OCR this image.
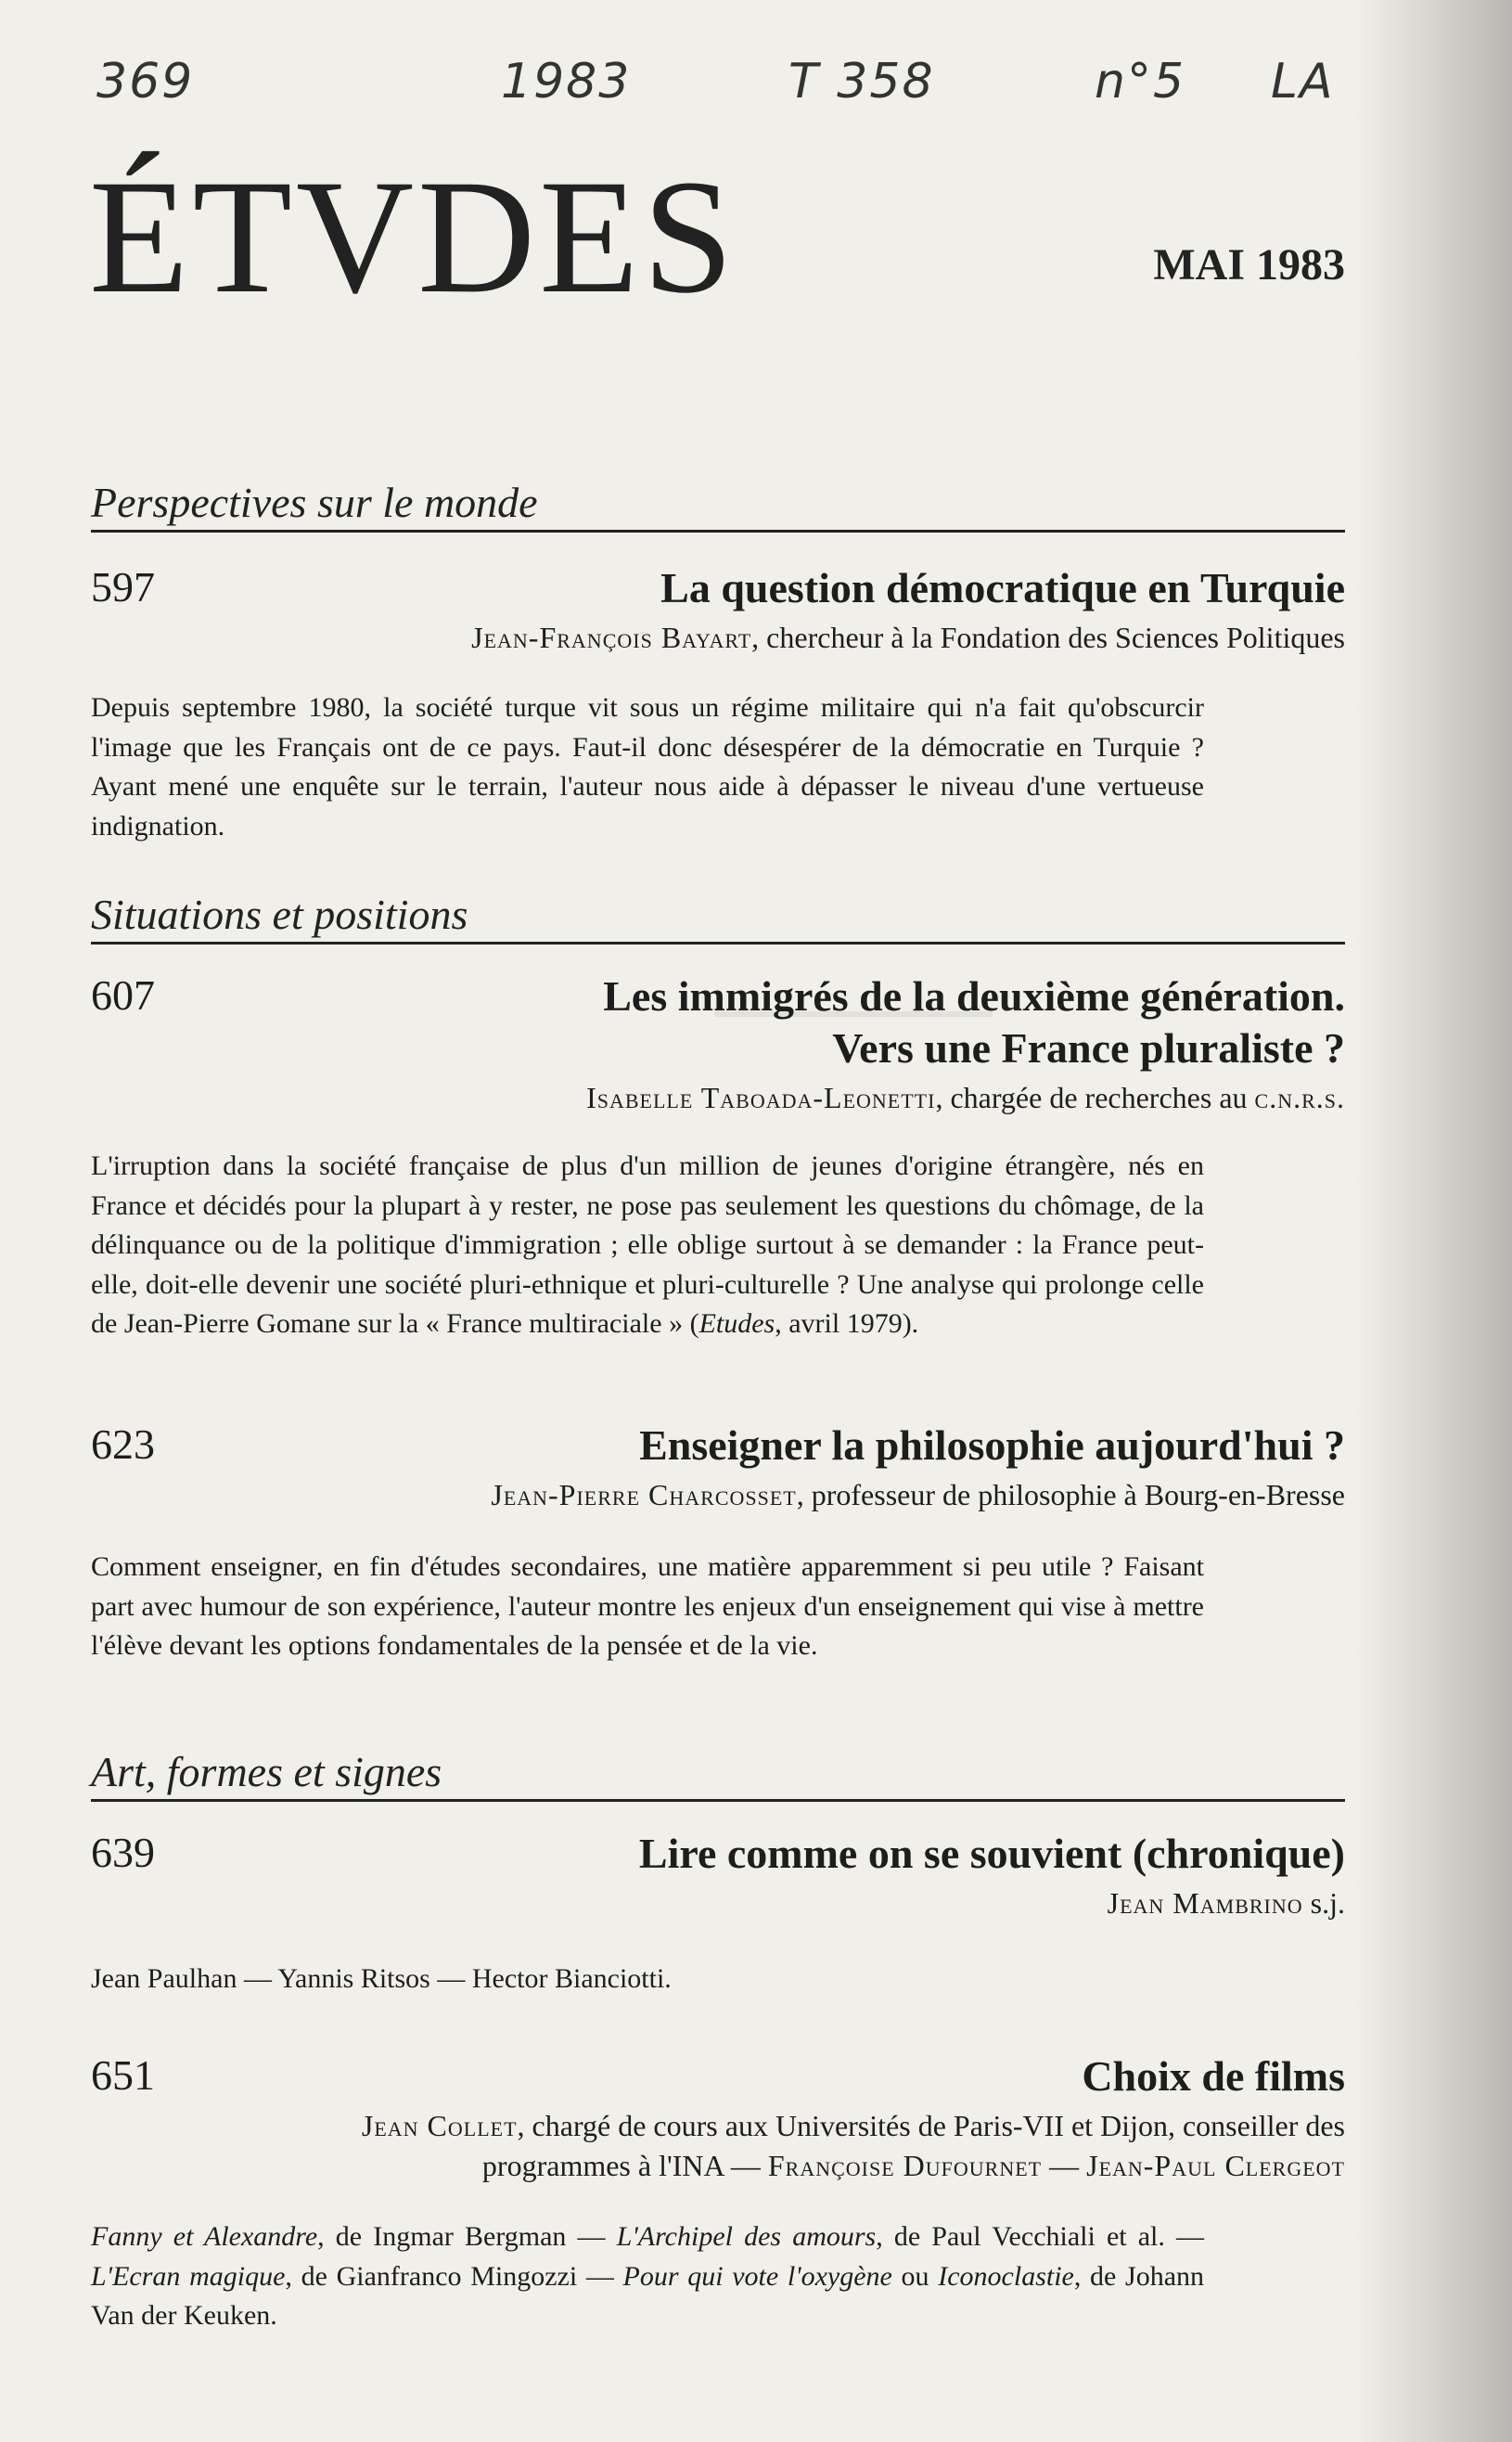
369	1983	T 358	n°5 LA
ÉTVDES	MAI 1983
Perspectives sur le monde
597	La question démocratique en Turquie
Jean-François Bayart, chercheur à la Fondation des Sciences Politiques
Depuis septembre 1980, la société turque vit sous un régime militaire qui n'a fait qu'obscurcir l'image que les Français ont de ce pays. Faut-il donc désespérer de la démocratie en Turquie ? Ayant mené une enquête sur le terrain, l'auteur nous aide à dépasser le niveau d'une vertueuse indignation.
Situations et positions
607	Les immigrés de la deuxième génération.
Vers une France pluraliste ?
Isabelle Taboada-Leonetti, chargée de recherches au c.n.r.s.
L'irruption dans la société française de plus d'un million de jeunes d'origine étrangère, nés en France et décidés pour la plupart à y rester, ne pose pas seulement les questions du chômage, de la délinquance ou de la politique d'immigration ; elle oblige surtout à se demander : la France peut-elle, doit-elle devenir une société pluri-ethnique et pluri-culturelle ? Une analyse qui prolonge celle de Jean-Pierre Gomane sur la « France multiraciale » (Etudes, avril 1979).
623	Enseigner la philosophie aujourd'hui ?
Jean-Pierre Charcosset, professeur de philosophie à Bourg-en-Bresse
Comment enseigner, en fin d'études secondaires, une matière apparemment si peu utile ? Faisant part avec humour de son expérience, l'auteur montre les enjeux d'un enseignement qui vise à mettre l'élève devant les options fondamentales de la pensée et de la vie.
Art, formes et signes
639	Lire comme on se souvient (chronique)
Jean Mambrino s.j.
Jean Paulhan — Yannis Ritsos — Hector Bianciotti.
651	Choix de films
Jean Collet, chargé de cours aux Universités de Paris-VII et Dijon, conseiller des
programmes à l'INA — Françoise Dufournet — Jean-Paul Clergeot
Fanny et Alexandre, de Ingmar Bergman — L'Archipel des amours, de Paul Vecchiali et al. — L'Ecran magique, de Gianfranco Mingozzi — Pour qui vote l'oxygène ou Iconoclastie, de Johann Van der Keuken.
